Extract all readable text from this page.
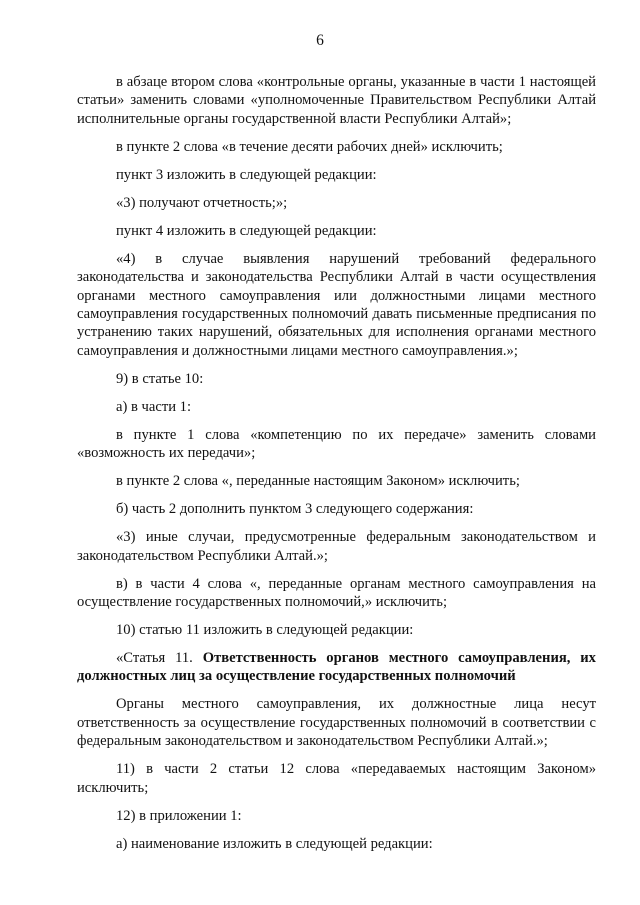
6

в абзаце втором слова «контрольные органы, указанные в части 1 настоящей статьи» заменить словами «уполномоченные Правительством Республики Алтай исполнительные органы государственной власти Республики Алтай»;

в пункте 2 слова «в течение десяти рабочих дней» исключить;

пункт 3 изложить в следующей редакции:

«3) получают отчетность;»;

пункт 4 изложить в следующей редакции:

«4) в случае выявления нарушений требований федерального законодательства и законодательства Республики Алтай в части осуществления органами местного самоуправления или должностными лицами местного самоуправления государственных полномочий давать письменные предписания по устранению таких нарушений, обязательных для исполнения органами местного самоуправления и должностными лицами местного самоуправления.»;

9) в статье 10:

а) в части 1:

в пункте 1 слова «компетенцию по их передаче» заменить словами «возможность их передачи»;

в пункте 2 слова «, переданные настоящим Законом» исключить;

б) часть 2 дополнить пунктом 3 следующего содержания:

«3) иные случаи, предусмотренные федеральным законодательством и законодательством Республики Алтай.»;

в) в части 4 слова «, переданные органам местного самоуправления на осуществление государственных полномочий,» исключить;

10) статью 11 изложить в следующей редакции:

«Статья 11. Ответственность органов местного самоуправления, их должностных лиц за осуществление государственных полномочий

Органы местного самоуправления, их должностные лица несут ответственность за осуществление государственных полномочий в соответствии с федеральным законодательством и законодательством Республики Алтай.»;

11) в части 2 статьи 12 слова «передаваемых настоящим Законом» исключить;

12) в приложении 1:

а) наименование изложить в следующей редакции:
